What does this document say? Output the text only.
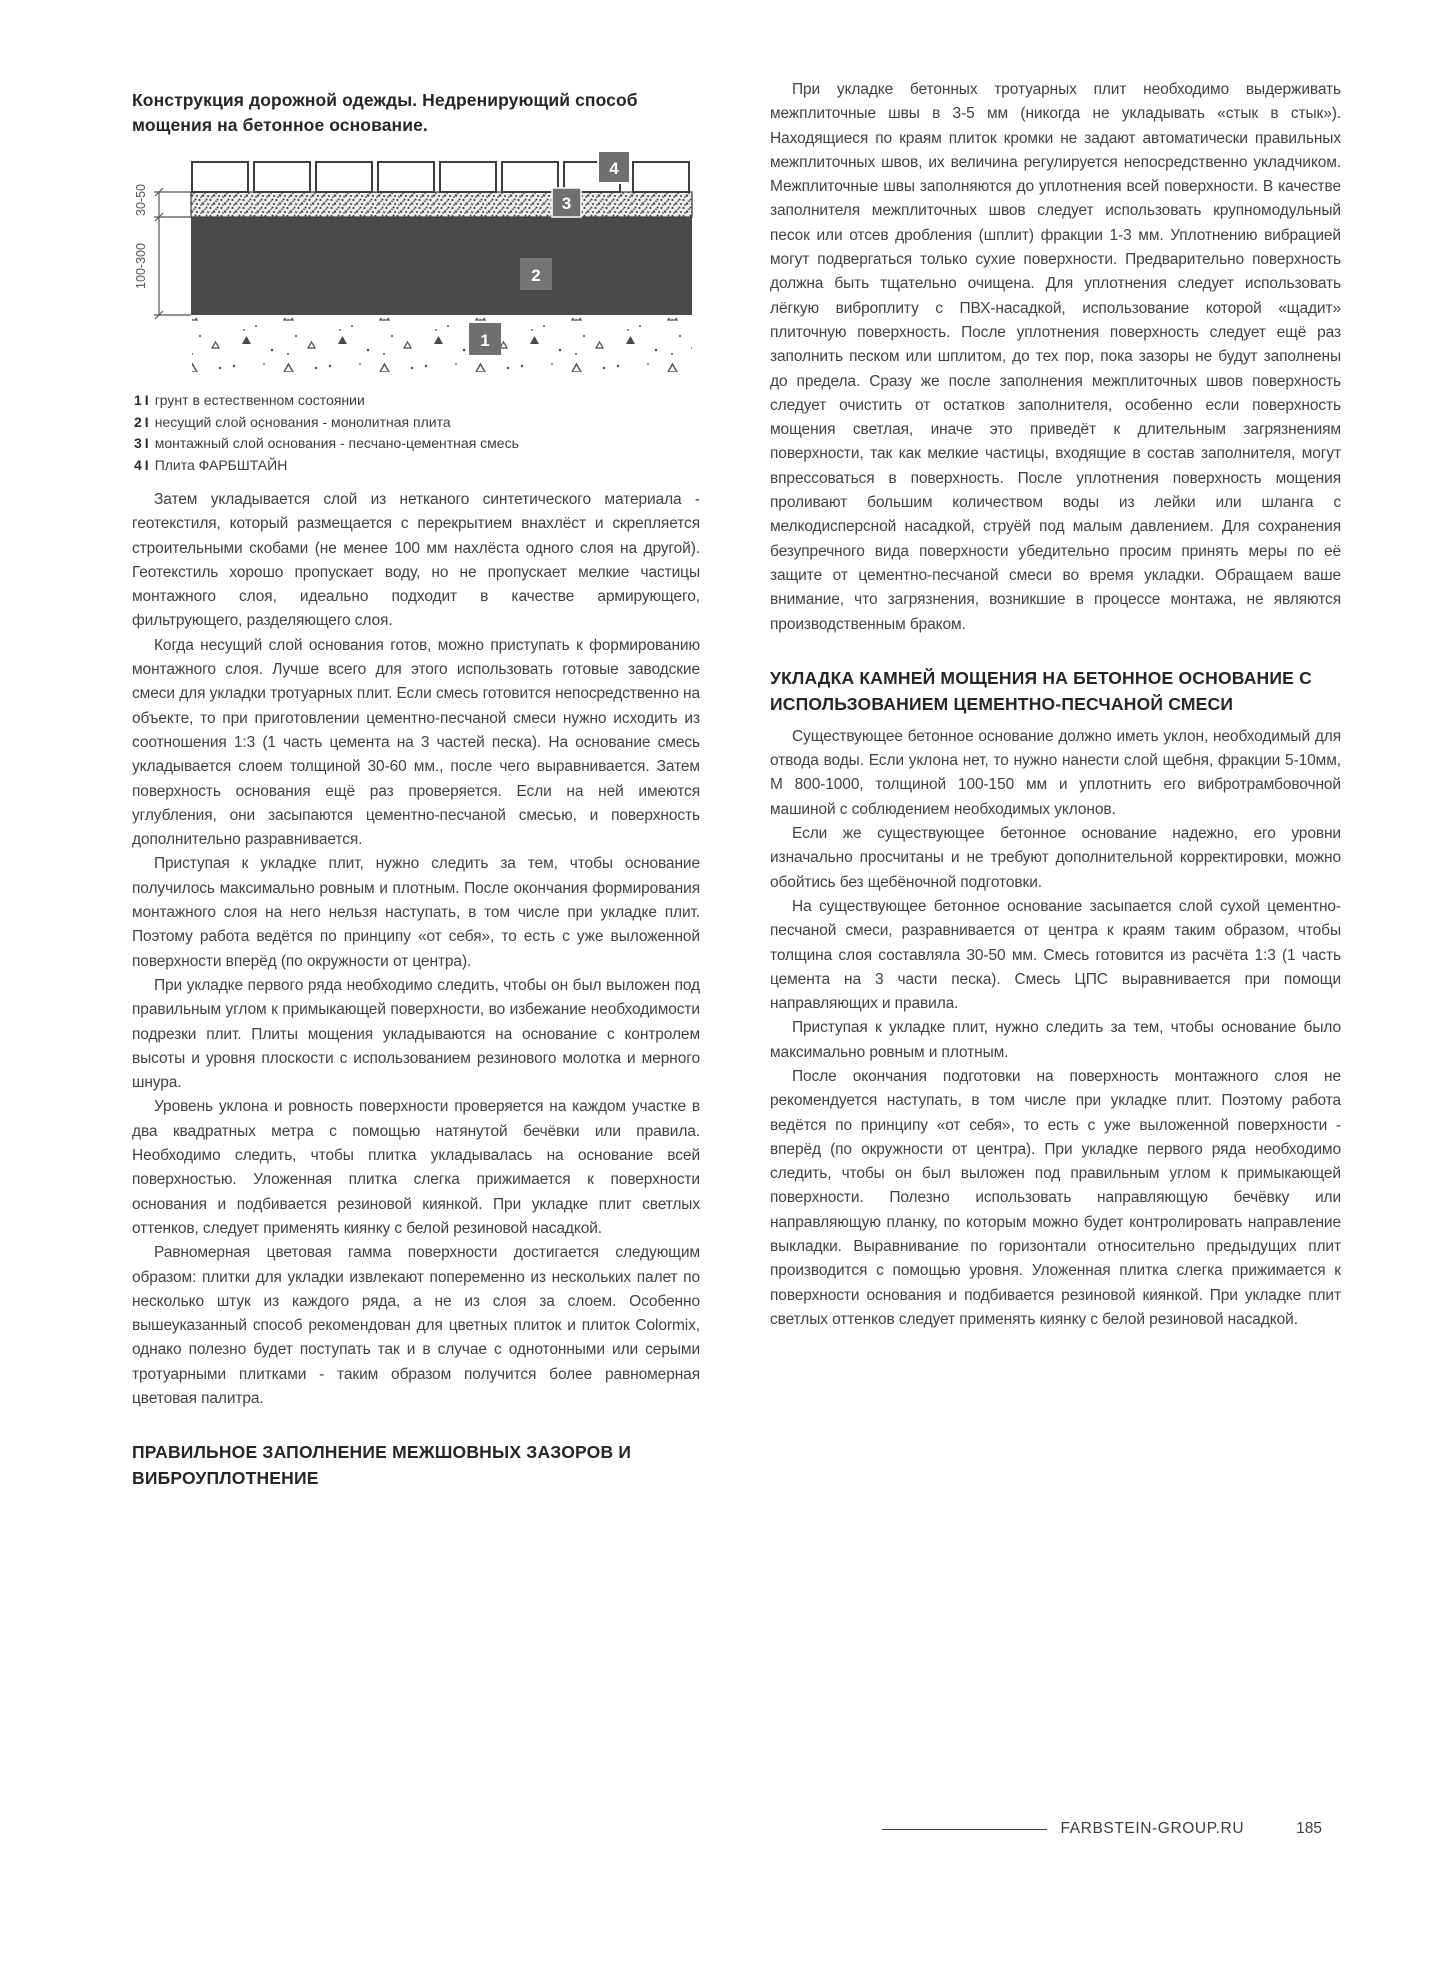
Конструкция дорожной одежды. Недренирующий способ мощения на бетонное основание.

30-50
100-300
4
3
2
1
1 I грунт в естественном состоянии
2 I несущий слой основания - монолитная плита
3 I монтажный слой основания - песчано-цементная смесь
4 I Плита ФАРБШТАЙН

Затем укладывается слой из нетканого синтетического материала - геотекстиля, который размещается с перекрытием внахлёст и скрепляется строительными скобами (не менее 100 мм нахлёста одного слоя на другой). Геотекстиль хорошо пропускает воду, но не пропускает мелкие частицы монтажного слоя, идеально подходит в качестве армирующего, фильтрующего, разделяющего слоя.

Когда несущий слой основания готов, можно приступать к формированию монтажного слоя. Лучше всего для этого использовать готовые заводские смеси для укладки тротуарных плит. Если смесь готовится непосредственно на объекте, то при приготовлении цементно-песчаной смеси нужно исходить из соотношения 1:3 (1 часть цемента на 3 частей песка). На основание смесь укладывается слоем толщиной 30-60 мм., после чего выравнивается. Затем поверхность основания ещё раз проверяется. Если на ней имеются углубления, они засыпаются цементно-песчаной смесью, и поверхность дополнительно разравнивается.

Приступая к укладке плит, нужно следить за тем, чтобы основание получилось максимально ровным и плотным. После окончания формирования монтажного слоя на него нельзя наступать, в том числе при укладке плит. Поэтому работа ведётся по принципу «от себя», то есть с уже выложенной поверхности вперёд (по окружности от центра).

При укладке первого ряда необходимо следить, чтобы он был выложен под правильным углом к примыкающей поверхности, во избежание необходимости подрезки плит. Плиты мощения укладываются на основание с контролем высоты и уровня плоскости с использованием резинового молотка и мерного шнура.

Уровень уклона и ровность поверхности проверяется на каждом участке в два квадратных метра с помощью натянутой бечёвки или правила. Необходимо следить, чтобы плитка укладывалась на основание всей поверхностью. Уложенная плитка слегка прижимается к поверхности основания и подбивается резиновой киянкой. При укладке плит светлых оттенков, следует применять киянку с белой резиновой насадкой.

Равномерная цветовая гамма поверхности достигается следующим образом: плитки для укладки извлекают попеременно из нескольких палет по несколько штук из каждого ряда, а не из слоя за слоем. Особенно вышеуказанный способ рекомендован для цветных плиток и плиток Colormix, однако полезно будет поступать так и в случае с однотонными или серыми тротуарными плитками - таким образом получится более равномерная цветовая палитра.

ПРАВИЛЬНОЕ ЗАПОЛНЕНИЕ МЕЖШОВНЫХ ЗАЗОРОВ И ВИБРОУПЛОТНЕНИЕ

При укладке бетонных тротуарных плит необходимо выдерживать межплиточные швы в 3-5 мм (никогда не укладывать «стык в стык»). Находящиеся по краям плиток кромки не задают автоматически правильных межплиточных швов, их величина регулируется непосредственно укладчиком. Межплиточные швы заполняются до уплотнения всей поверхности. В качестве заполнителя межплиточных швов следует использовать крупномодульный песок или отсев дробления (шплит) фракции 1-3 мм. Уплотнению вибрацией могут подвергаться только сухие поверхности. Предварительно поверхность должна быть тщательно очищена. Для уплотнения следует использовать лёгкую виброплиту с ПВХ-насадкой, использование которой «щадит» плиточную поверхность. После уплотнения поверхность следует ещё раз заполнить песком или шплитом, до тех пор, пока зазоры не будут заполнены до предела. Сразу же после заполнения межплиточных швов поверхность следует очистить от остатков заполнителя, особенно если поверхность мощения светлая, иначе это приведёт к длительным загрязнениям поверхности, так как мелкие частицы, входящие в состав заполнителя, могут впрессоваться в поверхность. После уплотнения поверхность мощения проливают большим количеством воды из лейки или шланга с мелкодисперсной насадкой, струёй под малым давлением. Для сохранения безупречного вида поверхности убедительно просим принять меры по её защите от цементно-песчаной смеси во время укладки. Обращаем ваше внимание, что загрязнения, возникшие в процессе монтажа, не являются производственным браком.

УКЛАДКА КАМНЕЙ МОЩЕНИЯ НА БЕТОННОЕ ОСНОВАНИЕ С ИСПОЛЬЗОВАНИЕМ ЦЕМЕНТНО-ПЕСЧАНОЙ СМЕСИ

Существующее бетонное основание должно иметь уклон, необходимый для отвода воды. Если уклона нет, то нужно нанести слой щебня, фракции 5-10мм, М 800-1000, толщиной 100-150 мм и уплотнить его вибротрамбовочной машиной с соблюдением необходимых уклонов.

Если же существующее бетонное основание надежно, его уровни изначально просчитаны и не требуют дополнительной корректировки, можно обойтись без щебёночной подготовки.

На существующее бетонное основание засыпается слой сухой цементно-песчаной смеси, разравнивается от центра к краям таким образом, чтобы толщина слоя составляла 30-50 мм. Смесь готовится из расчёта 1:3 (1 часть цемента на 3 части песка). Смесь ЦПС выравнивается при помощи направляющих и правила.

Приступая к укладке плит, нужно следить за тем, чтобы основание было максимально ровным и плотным.

После окончания подготовки на поверхность монтажного слоя не рекомендуется наступать, в том числе при укладке плит. Поэтому работа ведётся по принципу «от себя», то есть с уже выложенной поверхности - вперёд (по окружности от центра). При укладке первого ряда необходимо следить, чтобы он был выложен под правильным углом к примыкающей поверхности. Полезно использовать направляющую бечёвку или направляющую планку, по которым можно будет контролировать направление выкладки. Выравнивание по горизонтали относительно предыдущих плит производится с помощью уровня. Уложенная плитка слегка прижимается к поверхности основания и подбивается резиновой киянкой. При укладке плит светлых оттенков следует применять киянку с белой резиновой насадкой.

FARBSTEIN-GROUP.RU	185
